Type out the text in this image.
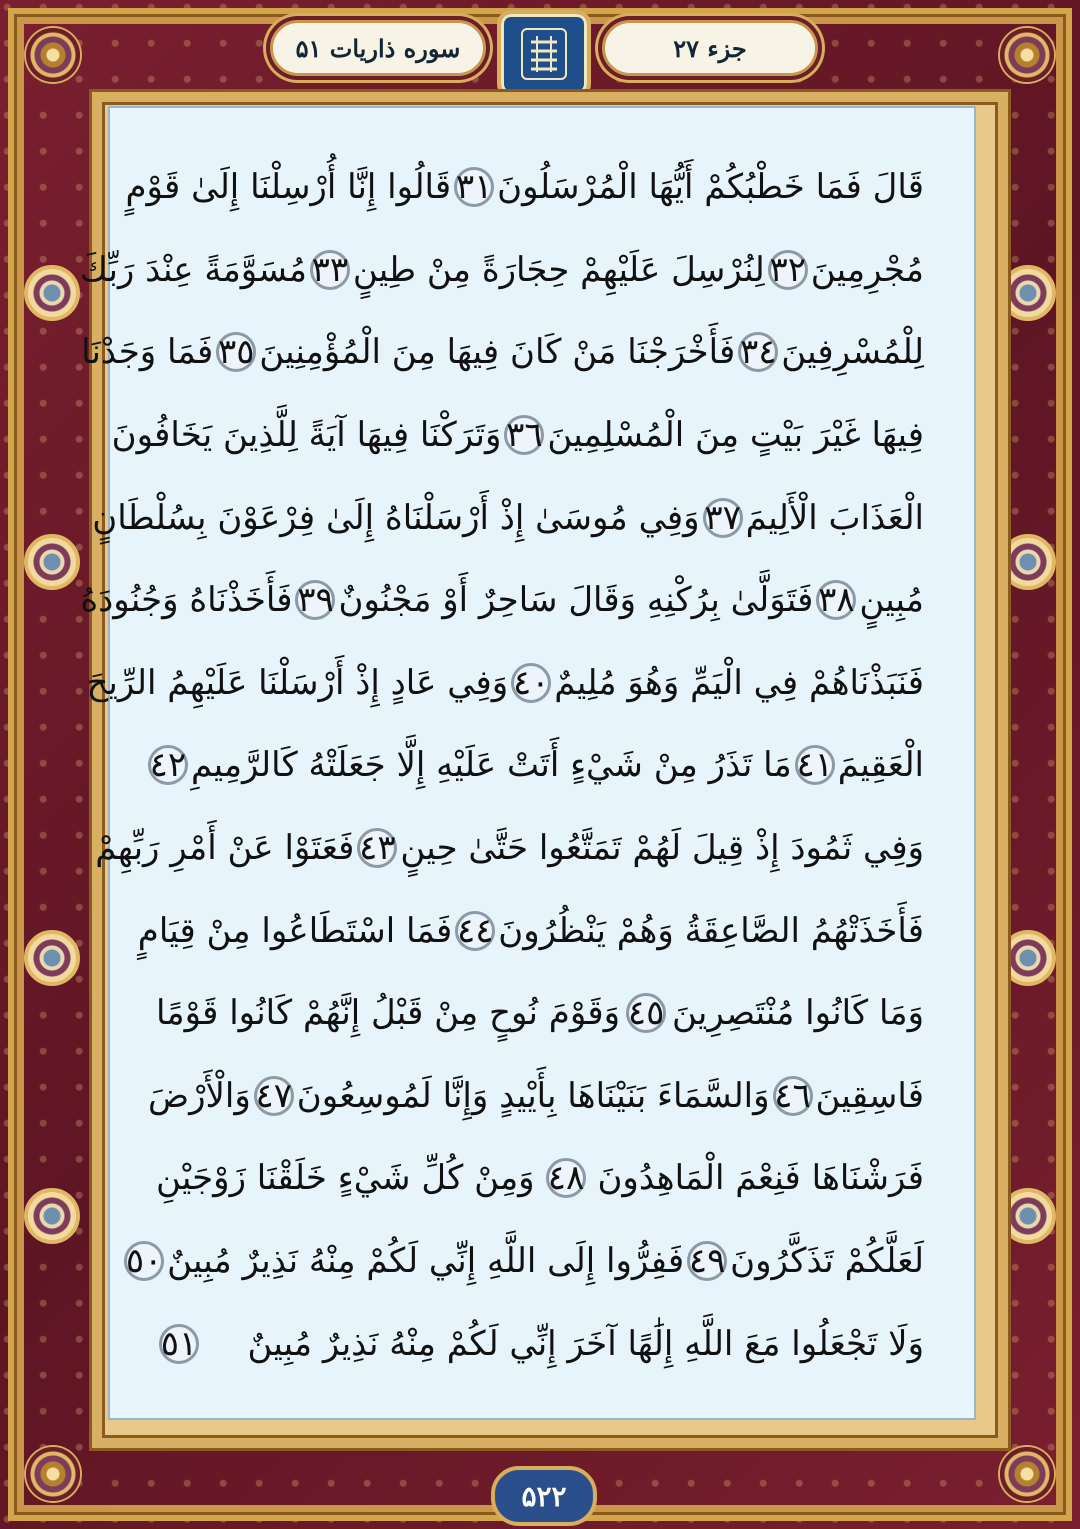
سوره ذاریات ۵۱	جزء ۲۷
قَالَ فَمَا خَطْبُكُمْ أَيُّهَا الْمُرْسَلُونَ
٣١
قَالُوا إِنَّا أُرْسِلْنَا إِلَىٰ قَوْمٍ
مُجْرِمِينَ
٣٢
لِنُرْسِلَ عَلَيْهِمْ حِجَارَةً مِنْ طِينٍ
٣٣
مُسَوَّمَةً عِنْدَ رَبِّكَ
لِلْمُسْرِفِينَ
٣٤
فَأَخْرَجْنَا مَنْ كَانَ فِيهَا مِنَ الْمُؤْمِنِينَ
٣٥
فَمَا وَجَدْنَا
فِيهَا غَيْرَ بَيْتٍ مِنَ الْمُسْلِمِينَ
٣٦
وَتَرَكْنَا فِيهَا آيَةً لِلَّذِينَ يَخَافُونَ
الْعَذَابَ الْأَلِيمَ
٣٧
وَفِي مُوسَىٰ إِذْ أَرْسَلْنَاهُ إِلَىٰ فِرْعَوْنَ بِسُلْطَانٍ
مُبِينٍ
٣٨
فَتَوَلَّىٰ بِرُكْنِهِ وَقَالَ سَاحِرٌ أَوْ مَجْنُونٌ
٣٩
فَأَخَذْنَاهُ وَجُنُودَهُ
فَنَبَذْنَاهُمْ فِي الْيَمِّ وَهُوَ مُلِيمٌ
٤٠
وَفِي عَادٍ إِذْ أَرْسَلْنَا عَلَيْهِمُ الرِّيحَ
الْعَقِيمَ
٤١
مَا تَذَرُ مِنْ شَيْءٍ أَتَتْ عَلَيْهِ إِلَّا جَعَلَتْهُ كَالرَّمِيمِ
٤٢
وَفِي ثَمُودَ إِذْ قِيلَ لَهُمْ تَمَتَّعُوا حَتَّىٰ حِينٍ
٤٣
فَعَتَوْا عَنْ أَمْرِ رَبِّهِمْ
فَأَخَذَتْهُمُ الصَّاعِقَةُ وَهُمْ يَنْظُرُونَ
٤٤
فَمَا اسْتَطَاعُوا مِنْ قِيَامٍ
وَمَا كَانُوا مُنْتَصِرِينَ
٤٥
وَقَوْمَ نُوحٍ مِنْ قَبْلُ إِنَّهُمْ كَانُوا قَوْمًا
فَاسِقِينَ
٤٦
وَالسَّمَاءَ بَنَيْنَاهَا بِأَيْيدٍ وَإِنَّا لَمُوسِعُونَ
٤٧
وَالْأَرْضَ
فَرَشْنَاهَا فَنِعْمَ الْمَاهِدُونَ
٤٨
وَمِنْ كُلِّ شَيْءٍ خَلَقْنَا زَوْجَيْنِ
لَعَلَّكُمْ تَذَكَّرُونَ
٤٩
فَفِرُّوا إِلَى اللَّهِ إِنِّي لَكُمْ مِنْهُ نَذِيرٌ مُبِينٌ
٥٠
وَلَا تَجْعَلُوا مَعَ اللَّهِ إِلَٰهًا آخَرَ إِنِّي لَكُمْ مِنْهُ نَذِيرٌ مُبِينٌ
٥١
۵۲۲
